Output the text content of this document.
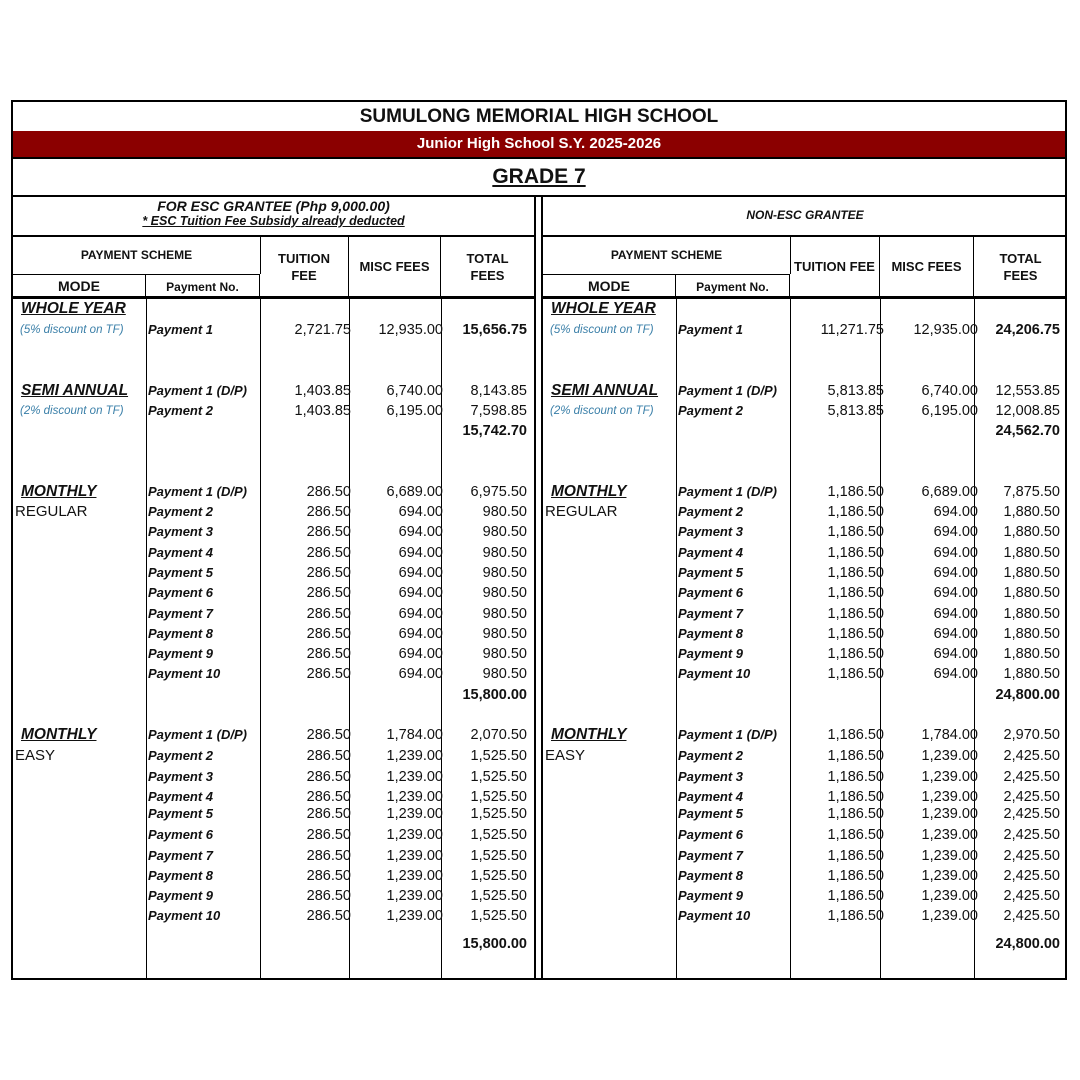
SUMULONG MEMORIAL HIGH SCHOOL
Junior High School S.Y. 2025-2026
GRADE 7
FOR ESC GRANTEE (Php 9,000.00)
* ESC Tuition Fee Subsidy already deducted
PAYMENT SCHEME
MODE	Payment No.
TUITION
FEE
MISC FEES
TOTAL
FEES
WHOLE YEAR
Payment 1	2,721.75 12,935.00 15,656.75
(5% discount on TF)
SEMI ANNUAL Payment 1 (D/P)	1,403.85 6,740.00 8,143.85
(2% discount on TF) Payment 2	1,403.85 6,195.00 7,598.85
15,742.70
MONTHLY
REGULAR
Payment 1 (D/P)	286.50 6,689.00 6,975.50
Payment 2	286.50	694.00	980.50
Payment 3	286.50	694.00	980.50
Payment 4	286.50	694.00	980.50
Payment 5	286.50	694.00	980.50
Payment 6	286.50	694.00	980.50
Payment 7	286.50	694.00	980.50
Payment 8	286.50	694.00	980.50
Payment 9	286.50	694.00	980.50
Payment 10	286.50	694.00	980.50
15,800.00
MONTHLY
EASY
Payment 1 (D/P)	286.50 1,784.00 2,070.50
Payment 2	286.50 1,239.00 1,525.50
Payment 3	286.50 1,239.00 1,525.50
Payment 4	286.50 1,239.00 1,525.50
Payment 5	286.50 1,239.00 1,525.50
Payment 6	286.50 1,239.00 1,525.50
Payment 7	286.50 1,239.00 1,525.50
Payment 8	286.50 1,239.00 1,525.50
Payment 9	286.50 1,239.00 1,525.50
Payment 10	286.50 1,239.00 1,525.50
15,800.00
NON-ESC GRANTEE
PAYMENT SCHEME
MODE	Payment No.
TUITION FEE MISC FEES
TOTAL
FEES
WHOLE YEAR
Payment 1	11,271.75 12,935.00 24,206.75
(5% discount on TF)
SEMI ANNUAL Payment 1 (D/P)	5,813.85	6,740.00 12,553.85
(2% discount on TF) Payment 2	5,813.85	6,195.00 12,008.85
24,562.70
MONTHLY
REGULAR
Payment 1 (D/P)	1,186.50	6,689.00 7,875.50
Payment 2	1,186.50	694.00 1,880.50
Payment 3	1,186.50	694.00 1,880.50
Payment 4	1,186.50	694.00 1,880.50
Payment 5	1,186.50	694.00 1,880.50
Payment 6	1,186.50	694.00 1,880.50
Payment 7	1,186.50	694.00 1,880.50
Payment 8	1,186.50	694.00 1,880.50
Payment 9	1,186.50	694.00 1,880.50
Payment 10	1,186.50	694.00 1,880.50
24,800.00
MONTHLY
EASY
Payment 1 (D/P)	1,186.50	1,784.00 2,970.50
Payment 2	1,186.50	1,239.00 2,425.50
Payment 3	1,186.50	1,239.00 2,425.50
Payment 4	1,186.50	1,239.00 2,425.50
Payment 5	1,186.50	1,239.00 2,425.50
Payment 6	1,186.50	1,239.00 2,425.50
Payment 7	1,186.50	1,239.00 2,425.50
Payment 8	1,186.50	1,239.00 2,425.50
Payment 9	1,186.50	1,239.00 2,425.50
Payment 10	1,186.50	1,239.00 2,425.50
24,800.00
